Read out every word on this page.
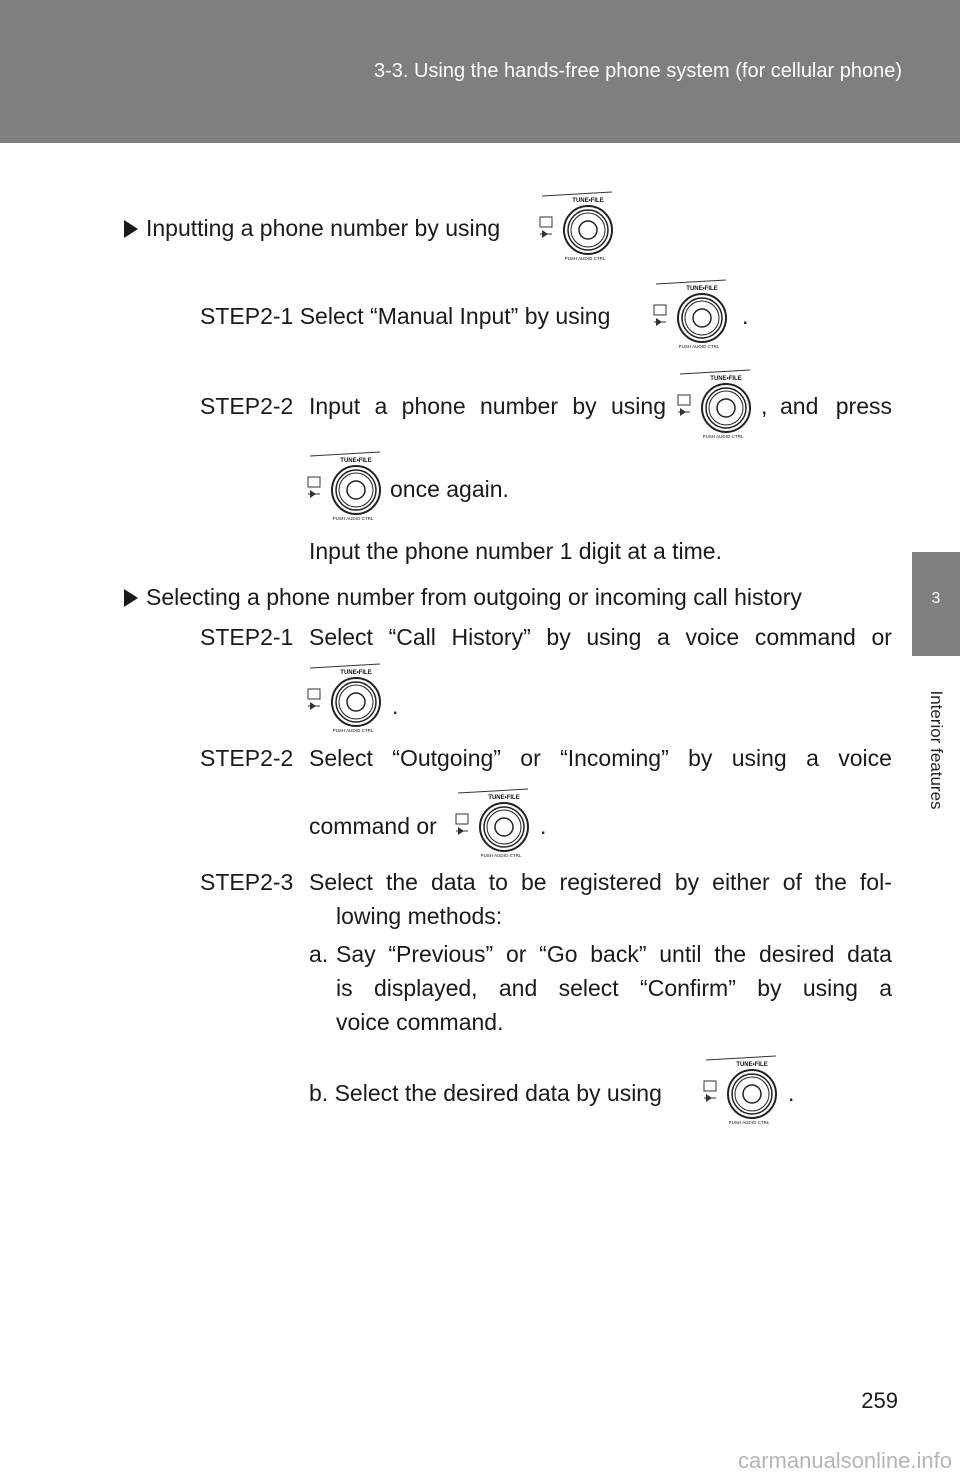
3-3. Using the hands-free phone system (for cellular phone)
3
Interior features
Inputting a phone number by using
TUNE•FILE
PUSH AUDIO CTRL
STEP2-1 Select “Manual Input” by using
TUNE•FILE
PUSH AUDIO CTRL
.
STEP2-2 Input a phone number by using
TUNE•FILE
PUSH AUDIO CTRL
, and press
TUNE•FILE
PUSH AUDIO CTRL
once again.
Input the phone number 1 digit at a time.
Selecting a phone number from outgoing or incoming call history
STEP2-1 Select “Call History” by using a voice command or
TUNE•FILE
PUSH AUDIO CTRL
.
STEP2-2 Select “Outgoing” or “Incoming” by using a voice
command or
TUNE•FILE
PUSH AUDIO CTRL
.
STEP2-3 Select the data to be registered by either of the fol-
lowing methods:
a. Say “Previous” or “Go back” until the desired data
is displayed, and select “Confirm” by using a
voice command.
b. Select the desired data by using
TUNE•FILE
PUSH AUDIO CTRL
.
259
carmanualsonline.info
